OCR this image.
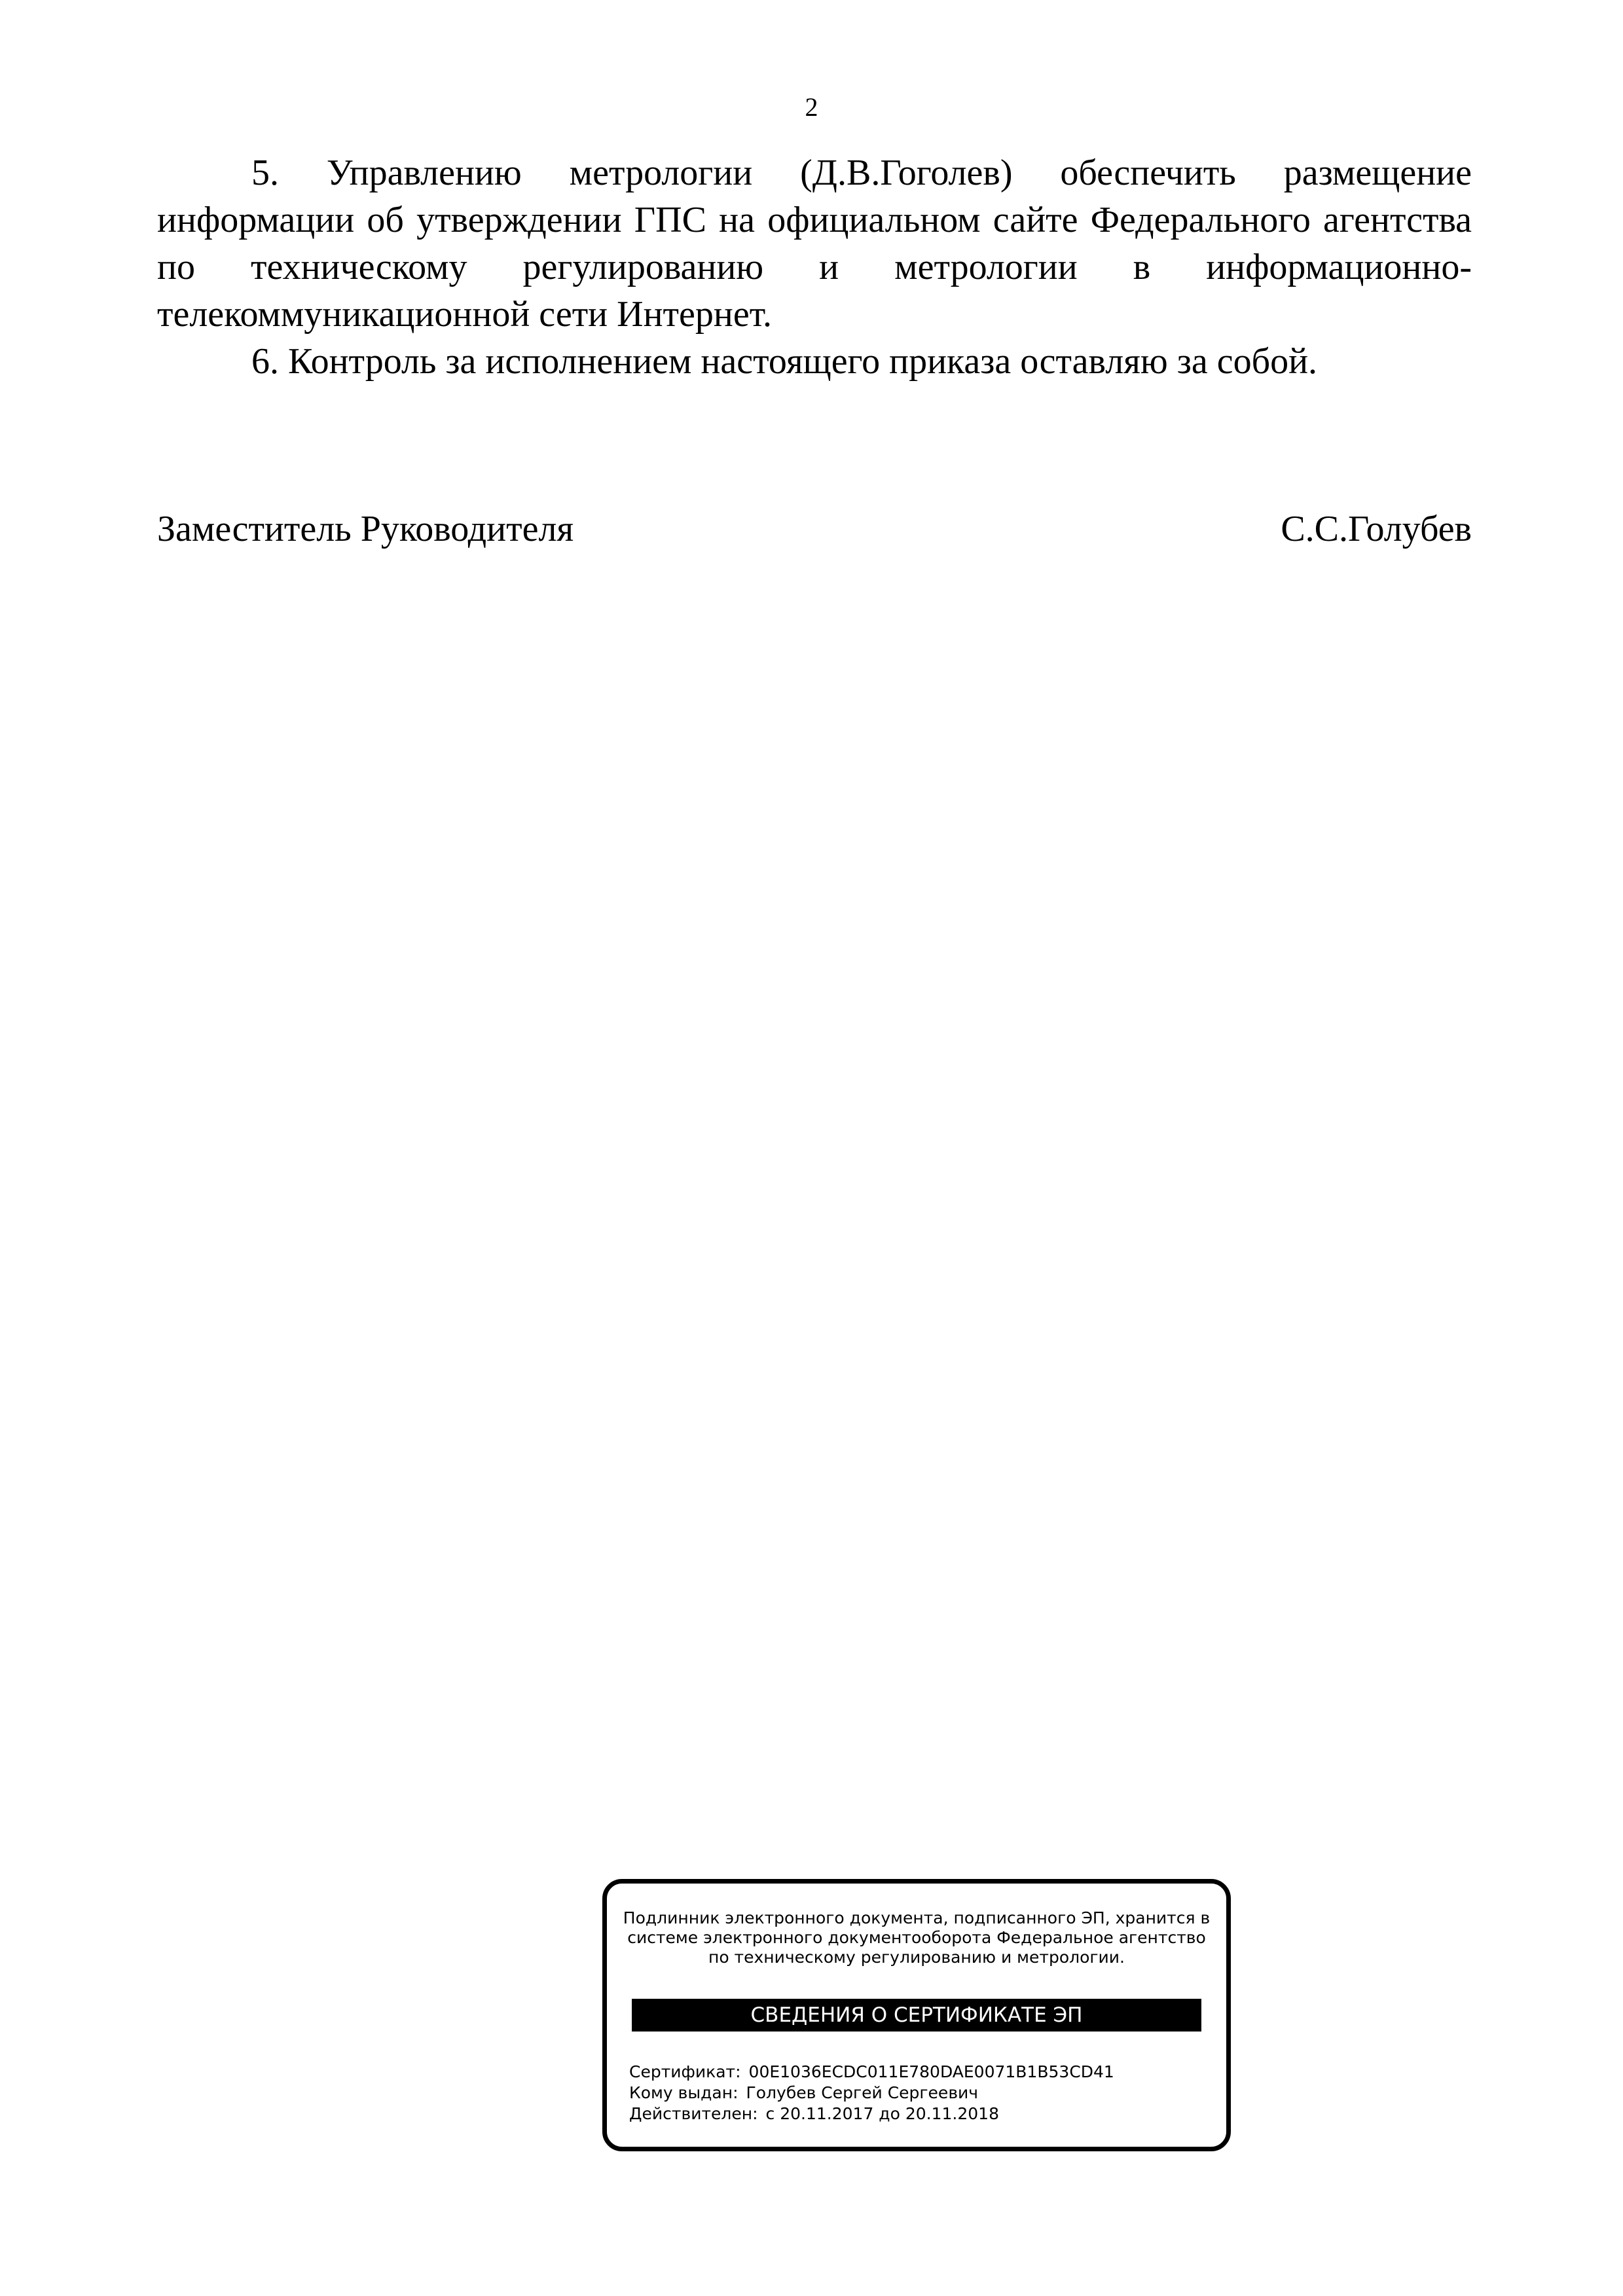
2

5. Управлению метрологии (Д.В.Гоголев) обеспечить размещение информации об утверждении ГПС на официальном сайте Федерального агентства по техническому регулированию и метрологии в информационно-телекоммуникационной сети Интернет.

6. Контроль за исполнением настоящего приказа оставляю за собой.

Заместитель Руководителя	С.С.Голубев
Подлинник электронного документа, подписанного ЭП, хранится в системе электронного документооборота Федеральное агентство по техническому регулированию и метрологии.
СВЕДЕНИЯ О СЕРТИФИКАТЕ ЭП
Сертификат: 00E1036ECDC011E780DAE0071B1B53CD41
Кому выдан: Голубев Сергей Сергеевич
Действителен: с 20.11.2017 до 20.11.2018
